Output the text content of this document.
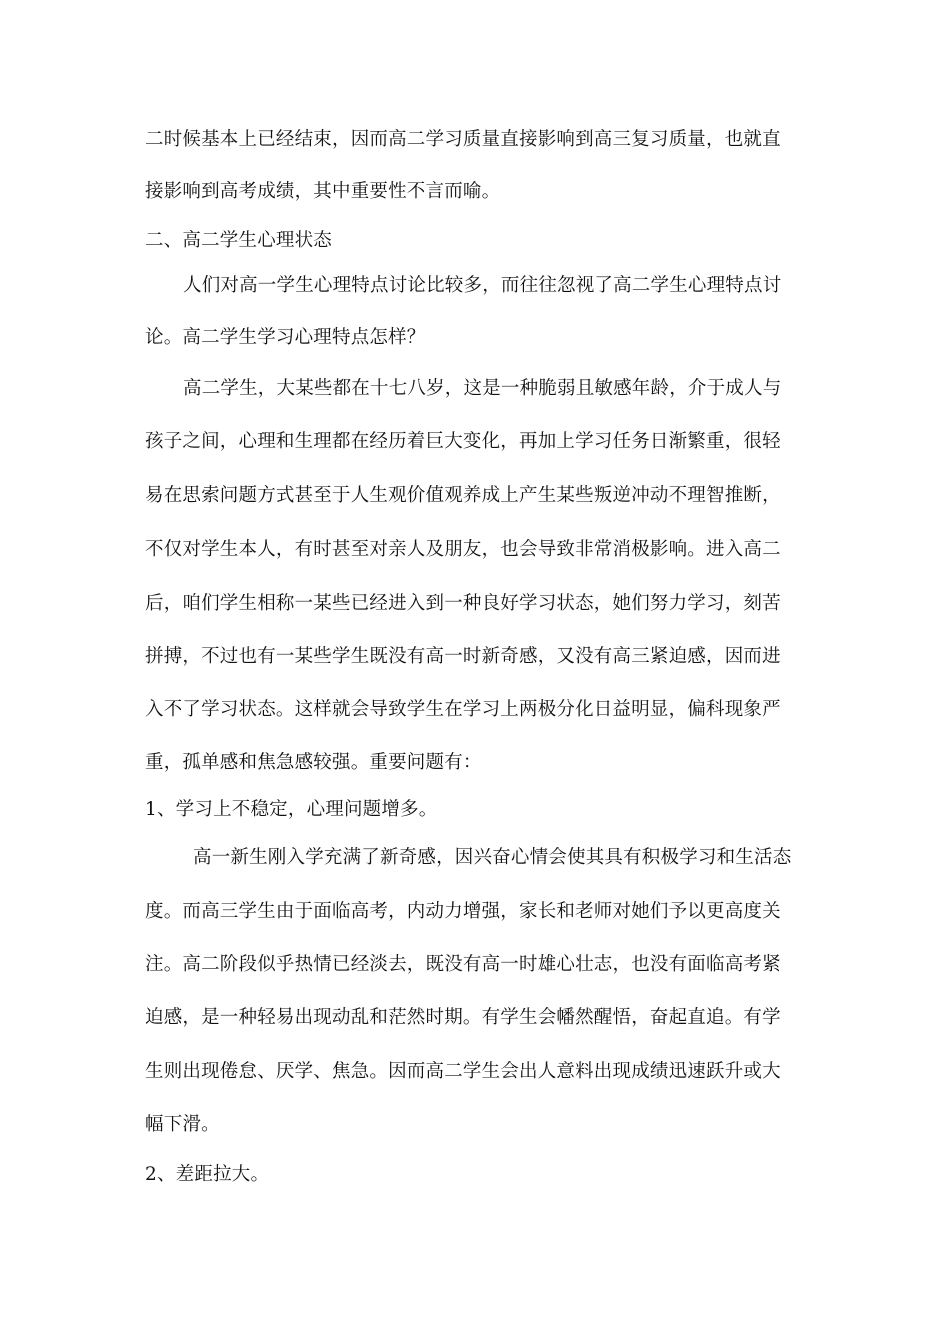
二时候基本上已经结束，因而高二学习质量直接影响到高三复习质量，也就直
接影响到高考成绩，其中重要性不言而喻。
二、高二学生心理状态
人们对高一学生心理特点讨论比较多，而往往忽视了高二学生心理特点讨
论。高二学生学习心理特点怎样？
高二学生，大某些都在十七八岁，这是一种脆弱且敏感年龄，介于成人与
孩子之间，心理和生理都在经历着巨大变化，再加上学习任务日渐繁重，很轻
易在思索问题方式甚至于人生观价值观养成上产生某些叛逆冲动不理智推断，
不仅对学生本人，有时甚至对亲人及朋友，也会导致非常消极影响。进入高二
后，咱们学生相称一某些已经进入到一种良好学习状态，她们努力学习，刻苦
拼搏，不过也有一某些学生既没有高一时新奇感，又没有高三紧迫感，因而进
入不了学习状态。这样就会导致学生在学习上两极分化日益明显，偏科现象严
重，孤单感和焦急感较强。重要问题有：
1、学习上不稳定，心理问题增多。
高一新生刚入学充满了新奇感，因兴奋心情会使其具有积极学习和生活态
度。而高三学生由于面临高考，内动力增强，家长和老师对她们予以更高度关
注。高二阶段似乎热情已经淡去，既没有高一时雄心壮志，也没有面临高考紧
迫感，是一种轻易出现动乱和茫然时期。有学生会幡然醒悟，奋起直追。有学
生则出现倦怠、厌学、焦急。因而高二学生会出人意料出现成绩迅速跃升或大
幅下滑。
2、差距拉大。
